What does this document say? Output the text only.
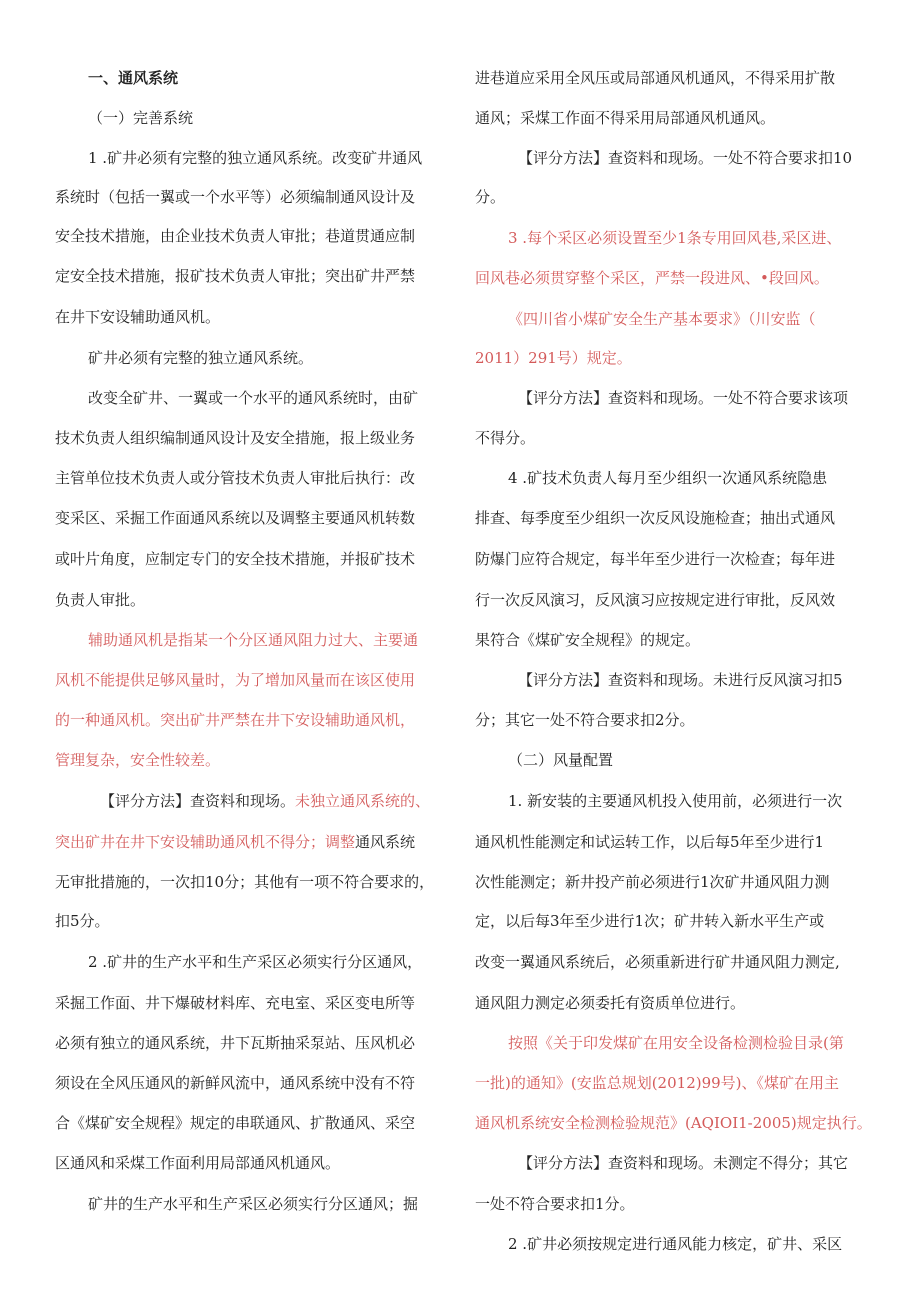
一、通风系统
（一）完善系统
1 .矿井必须有完整的独立通风系统。改变矿井通风
系统时（包括一翼或一个水平等）必须编制通风设计及
安全技术措施，由企业技术负责人审批；巷道贯通应制
定安全技术措施，报矿技术负责人审批；突出矿井严禁
在井下安设辅助通风机。
矿井必须有完整的独立通风系统。
改变全矿井、一翼或一个水平的通风系统时，由矿
技术负责人组织编制通风设计及安全措施，报上级业务
主管单位技术负责人或分管技术负责人审批后执行：改
变采区、采掘工作面通风系统以及调整主要通风机转数
或叶片角度，应制定专门的安全技术措施，并报矿技术
负责人审批。
辅助通风机是指某一个分区通风阻力过大、主要通
风机不能提供足够风量时，为了增加风量而在该区使用
的一种通风机。突出矿井严禁在井下安设辅助通风机，
管理复杂，安全性较差。
【评分方法】查资料和现场。未独立通风系统的、
突出矿井在井下安设辅助通风机不得分；调整通风系统
无审批措施的，一次扣10分；其他有一项不符合要求的，
扣5分。
2 .矿井的生产水平和生产采区必须实行分区通风，
采掘工作面、井下爆破材料库、充电室、采区变电所等
必须有独立的通风系统，井下瓦斯抽采泵站、压风机必
须设在全风压通风的新鲜风流中，通风系统中没有不符
合《煤矿安全规程》规定的串联通风、扩散通风、采空
区通风和采煤工作面利用局部通风机通风。
矿井的生产水平和生产采区必须实行分区通风；掘
进巷道应采用全风压或局部通风机通风，不得采用扩散
通风；采煤工作面不得采用局部通风机通风。
【评分方法】查资料和现场。一处不符合要求扣10
分。
3 .每个采区必须设置至少1条专用回风巷,采区进、
回风巷必须贯穿整个采区，严禁一段进风、•段回风。
《四川省小煤矿安全生产基本要求》（川安监（
2011）291号）规定。
【评分方法】查资料和现场。一处不符合要求该项
不得分。
4 .矿技术负责人每月至少组织一次通风系统隐患
排查、每季度至少组织一次反风设施检查；抽出式通风
防爆门应符合规定，每半年至少进行一次检查；每年进
行一次反风演习，反风演习应按规定进行审批，反风效
果符合《煤矿安全规程》的规定。
【评分方法】查资料和现场。未进行反风演习扣5
分；其它一处不符合要求扣2分。
（二）风量配置
1. 新安装的主要通风机投入使用前，必须进行一次
通风机性能测定和试运转工作，以后每5年至少进行1
次性能测定；新井投产前必须进行1次矿井通风阻力测
定，以后每3年至少进行1次；矿井转入新水平生产或
改变一翼通风系统后，必须重新进行矿井通风阻力测定,
通风阻力测定必须委托有资质单位进行。
按照《关于印发煤矿在用安全设备检测检验目录(第
一批)的通知》(安监总规划(2012)99号)、《煤矿在用主
通风机系统安全检测检验规范》(AQIOI1-2005)规定执行。
【评分方法】查资料和现场。未测定不得分；其它
一处不符合要求扣1分。
2 .矿井必须按规定进行通风能力核定，矿井、采区
